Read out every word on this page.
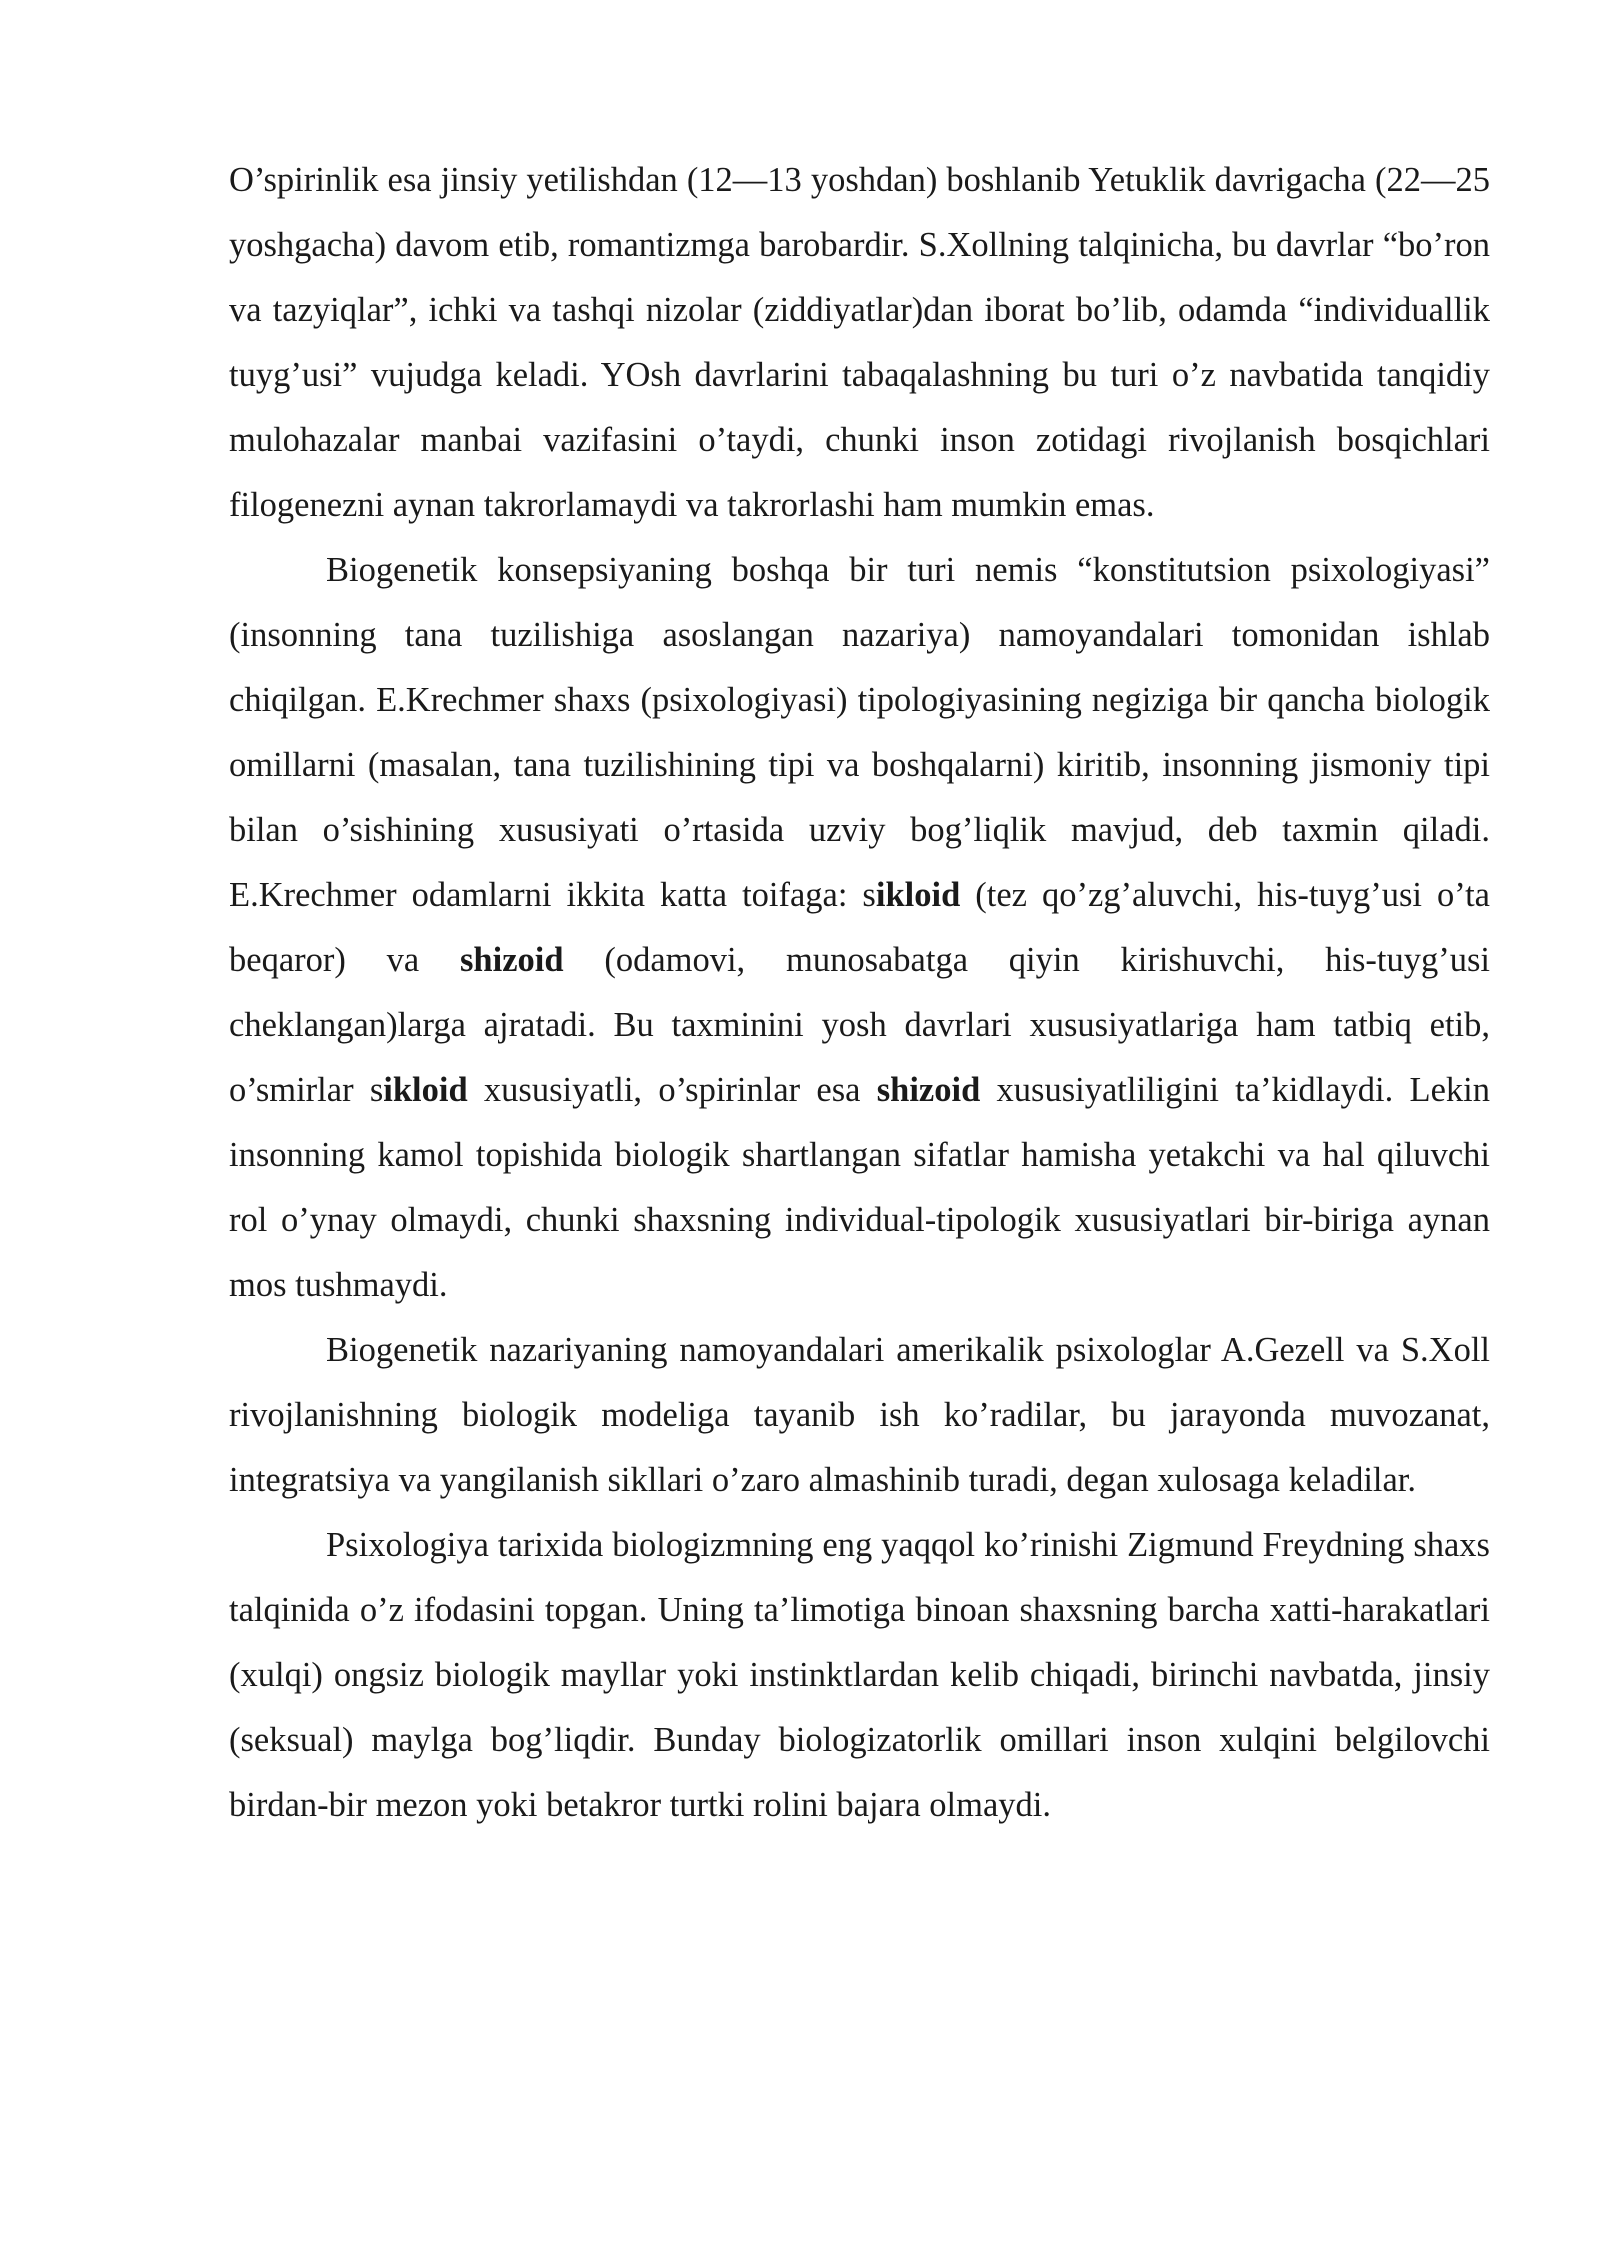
O’spirinlik esa jinsiy yetilishdan (12—13 yoshdan) boshlanib Yetuklik davrigacha (22—25 yoshgacha) davom etib, romantizmga barobardir. S.Xollning talqinicha, bu davrlar “bo’ron va tazyiqlar”, ichki va tashqi nizolar (ziddiyatlar)dan iborat bo’lib, odamda “individuallik tuyg’usi” vujudga keladi. YOsh davrlarini tabaqalashning bu turi o’z navbatida tanqidiy mulohazalar manbai vazifasini o’taydi, chunki inson zotidagi rivojlanish bosqichlari filogenezni aynan takrorlamaydi va takrorlashi ham mumkin emas.

Biogenetik konsepsiyaning boshqa bir turi nemis “konstitutsion psixologiyasi” (insonning tana tuzilishiga asoslangan nazariya) namoyandalari tomonidan ishlab chiqilgan. E.Krechmer shaxs (psixologiyasi) tipologiyasining negiziga bir qancha biologik omillarni (masalan, tana tuzilishining tipi va boshqalarni) kiritib, insonning jismoniy tipi bilan o’sishining xususiyati o’rtasida uzviy bog’liqlik mavjud, deb taxmin qiladi. E.Krechmer odamlarni ikkita katta toifaga: sikloid (tez qo’zg’aluvchi, his-tuyg’usi o’ta beqaror) va shizoid (odamovi, munosabatga qiyin kirishuvchi, his-tuyg’usi cheklangan)larga ajratadi. Bu taxminini yosh davrlari xususiyatlariga ham tatbiq etib, o’smirlar sikloid xususiyatli, o’spirinlar esa shizoid xususiyatliligini ta’kidlaydi. Lekin insonning kamol topishida biologik shartlangan sifatlar hamisha yetakchi va hal qiluvchi rol o’ynay olmaydi, chunki shaxsning individual-tipologik xususiyatlari bir-biriga aynan mos tushmaydi.

Biogenetik nazariyaning namoyandalari amerikalik psixologlar A.Gezell va S.Xoll rivojlanishning biologik modeliga tayanib ish ko’radilar, bu jarayonda muvozanat, integratsiya va yangilanish sikllari o’zaro almashinib turadi, degan xulosaga keladilar.

Psixologiya tarixida biologizmning eng yaqqol ko’rinishi Zigmund Freydning shaxs talqinida o’z ifodasini topgan. Uning ta’limotiga binoan shaxsning barcha xatti-harakatlari (xulqi) ongsiz biologik mayllar yoki instinktlardan kelib chiqadi, birinchi navbatda, jinsiy (seksual) maylga bog’liqdir. Bunday biologizatorlik omillari inson xulqini belgilovchi birdan-bir mezon yoki betakror turtki rolini bajara olmaydi.
